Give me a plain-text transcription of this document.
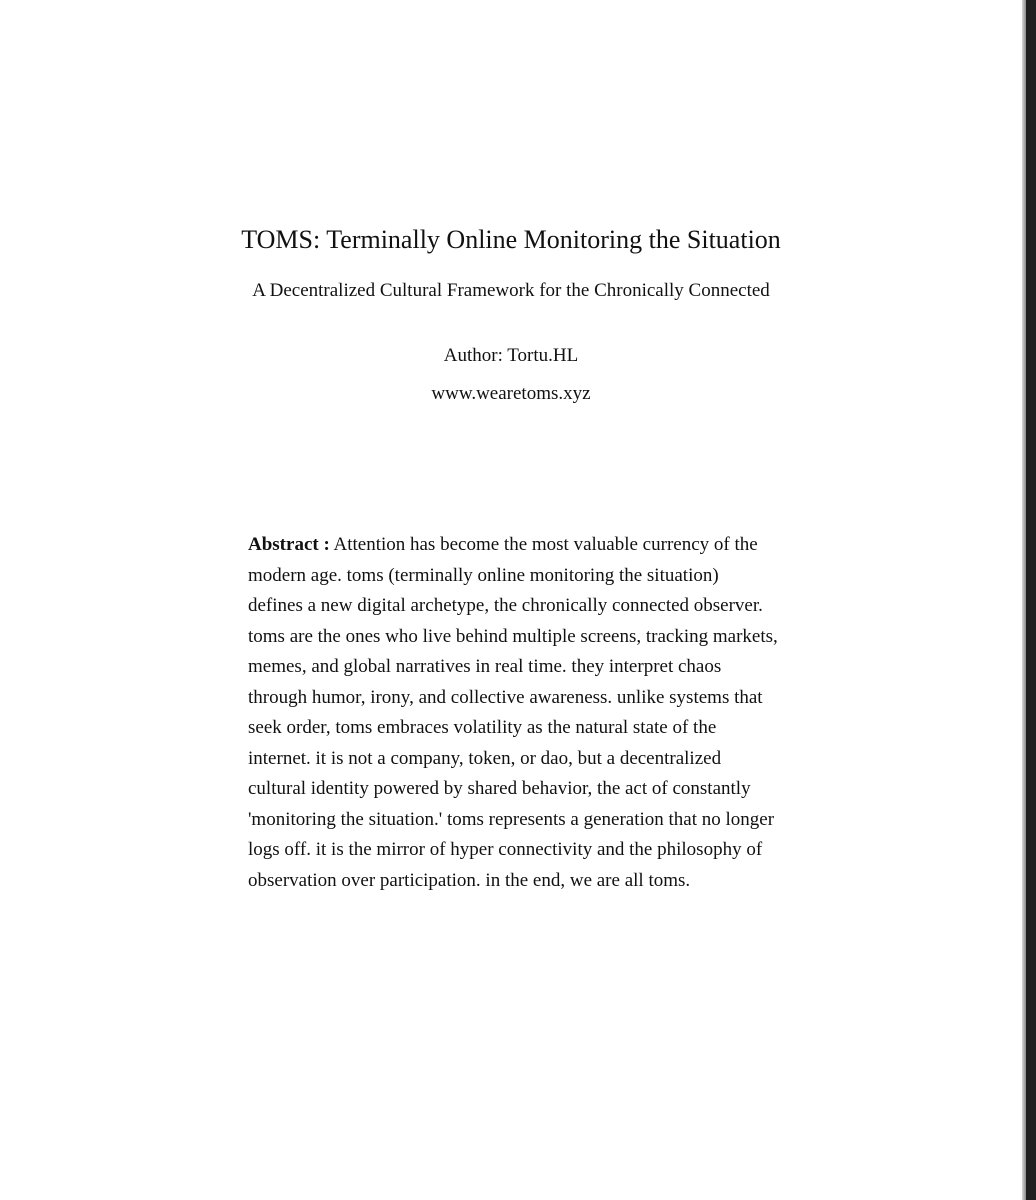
TOMS: Terminally Online Monitoring the Situation
A Decentralized Cultural Framework for the Chronically Connected
Author: Tortu.HL
www.wearetoms.xyz
Abstract : Attention has become the most valuable currency of the modern age. toms (terminally online monitoring the situation) defines a new digital archetype, the chronically connected observer. toms are the ones who live behind multiple screens, tracking markets, memes, and global narratives in real time. they interpret chaos through humor, irony, and collective awareness. unlike systems that seek order, toms embraces volatility as the natural state of the internet. it is not a company, token, or dao, but a decentralized cultural identity powered by shared behavior, the act of constantly 'monitoring the situation.' toms represents a generation that no longer logs off. it is the mirror of hyper connectivity and the philosophy of observation over participation. in the end, we are all toms.
